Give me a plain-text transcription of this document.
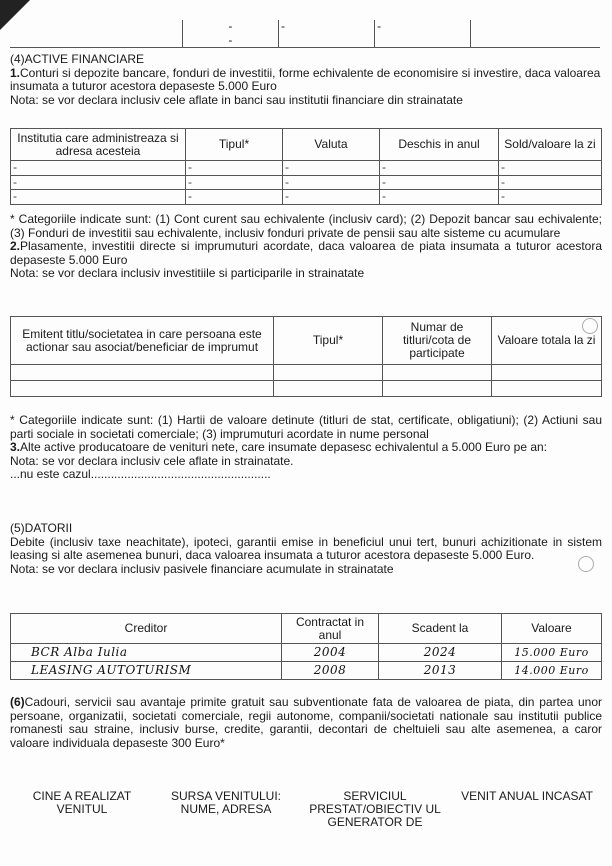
	-	-	-	
	-			

(4)ACTIVE FINANCIARE

1.Conturi si depozite bancare, fonduri de investitii, forme echivalente de economisire si investire, daca valoarea insumata a tuturor acestora depaseste 5.000 Euro

Nota: se vor declara inclusiv cele aflate in banci sau institutii financiare din strainatate

Institutia care administreaza si adresa acesteia	Tipul*	Valuta	Deschis in anul	Sold/valoare la zi
-	-	-	-	-
-	-	-	-	-
-	-	-	-	-

* Categoriile indicate sunt: (1) Cont curent sau echivalente (inclusiv card); (2) Depozit bancar sau echivalente; (3) Fonduri de investitii sau echivalente, inclusiv fonduri private de pensii sau alte sisteme cu acumulare

2.Plasamente, investitii directe si imprumuturi acordate, daca valoarea de piata insumata a tuturor acestora depaseste 5.000 Euro

Nota: se vor declara inclusiv investitiile si participarile in strainatate

Emitent titlu/societatea in care persoana este actionar sau asociat/beneficiar de imprumut	Tipul*	Numar de titluri/cota de participate	Valoare totala la zi

* Categoriile indicate sunt: (1) Hartii de valoare detinute (titluri de stat, certificate, obligatiuni); (2) Actiuni sau parti sociale in societati comerciale; (3) imprumuturi acordate in nume personal

3.Alte active producatoare de venituri nete, care insumate depasesc echivalentul a 5.000 Euro pe an:

Nota: se vor declara inclusiv cele aflate in strainatate.

...nu este cazul......................................................

(5)DATORII

Debite (inclusiv taxe neachitate), ipoteci, garantii emise in beneficiul unui tert, bunuri achizitionate in sistem leasing si alte asemenea bunuri, daca valoarea insumata a tuturor acestora depaseste 5.000 Euro.

Nota: se vor declara inclusiv pasivele financiare acumulate in strainatate

Creditor	Contractat in anul	Scadent la	Valoare
BCR Alba Iulia	2004	2024	15.000 Euro
LEASING AUTOTURISM	2008	2013	14.000 Euro

(6)Cadouri, servicii sau avantaje primite gratuit sau subventionate fata de valoarea de piata, din partea unor persoane, organizatii, societati comerciale, regii autonome, companii/societati nationale sau institutii publice romanesti sau straine, inclusiv burse, credite, garantii, decontari de cheltuieli sau alte asemenea, a caror valoare individuala depaseste 300 Euro*

CINE A REALIZAT VENITUL	SURSA VENITULUI: NUME, ADRESA	SERVICIUL PRESTAT/OBIECTIV UL GENERATOR DE	VENIT ANUAL INCASAT
